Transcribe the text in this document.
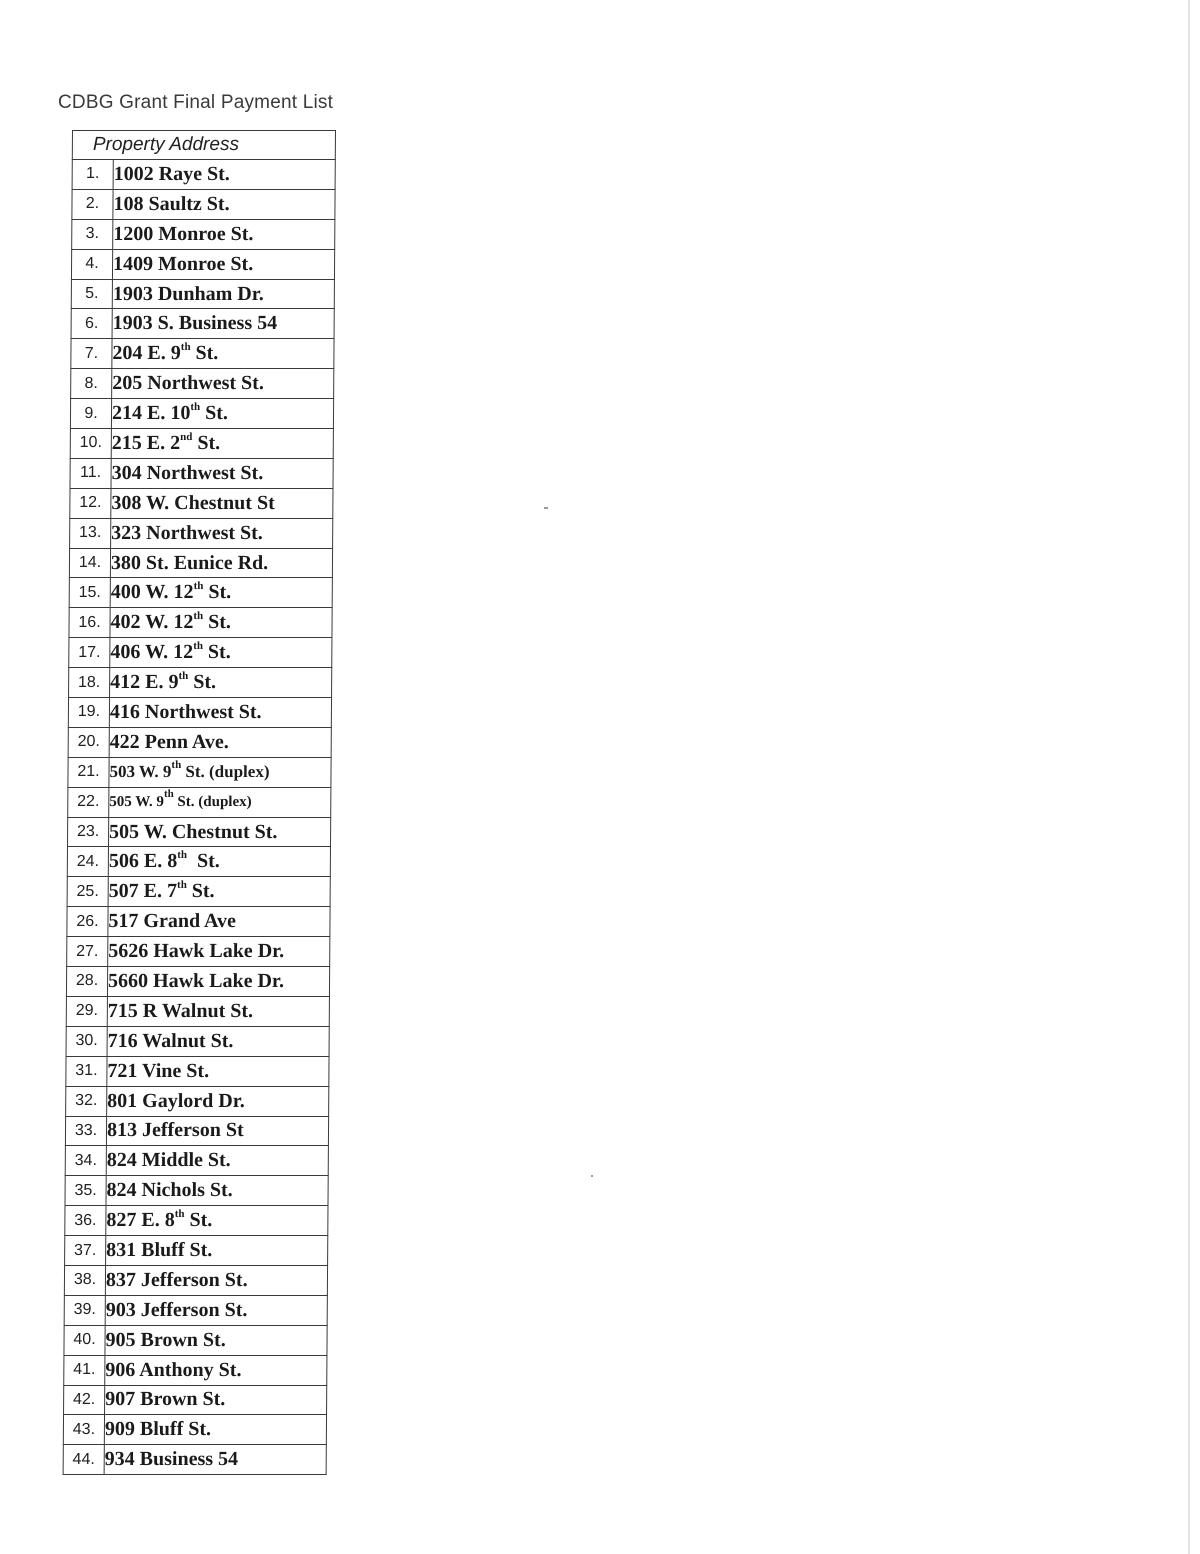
CDBG Grant Final Payment List
Property Address	
1.	1002 Raye St.
2.	108 Saultz St.
3.	1200 Monroe St.
4.	1409 Monroe St.
5.	1903 Dunham Dr.
6.	1903 S. Business 54
7.	204 E. 9th St.
8.	205 Northwest St.
9.	214 E. 10th St.
10.	215 E. 2nd St.
11.	304 Northwest St.
12.	308 W. Chestnut St
13.	323 Northwest St.
14.	380 St. Eunice Rd.
15.	400 W. 12th St.
16.	402 W. 12th St.
17.	406 W. 12th St.
18.	412 E. 9th St.
19.	416 Northwest St.
20.	422 Penn Ave.
21.	503 W. 9th St. (duplex)
22.	505 W. 9th St. (duplex)
23.	505 W. Chestnut St.
24.	506 E. 8th  St.
25.	507 E. 7th St.
26.	517 Grand Ave
27.	5626 Hawk Lake Dr.
28.	5660 Hawk Lake Dr.
29.	715 R Walnut St.
30.	716 Walnut St.
31.	721 Vine St.
32.	801 Gaylord Dr.
33.	813 Jefferson St
34.	824 Middle St.
35.	824 Nichols St.
36.	827 E. 8th St.
37.	831 Bluff St.
38.	837 Jefferson St.
39.	903 Jefferson St.
40.	905 Brown St.
41.	906 Anthony St.
42.	907 Brown St.
43.	909 Bluff St.
44.	934 Business 54
